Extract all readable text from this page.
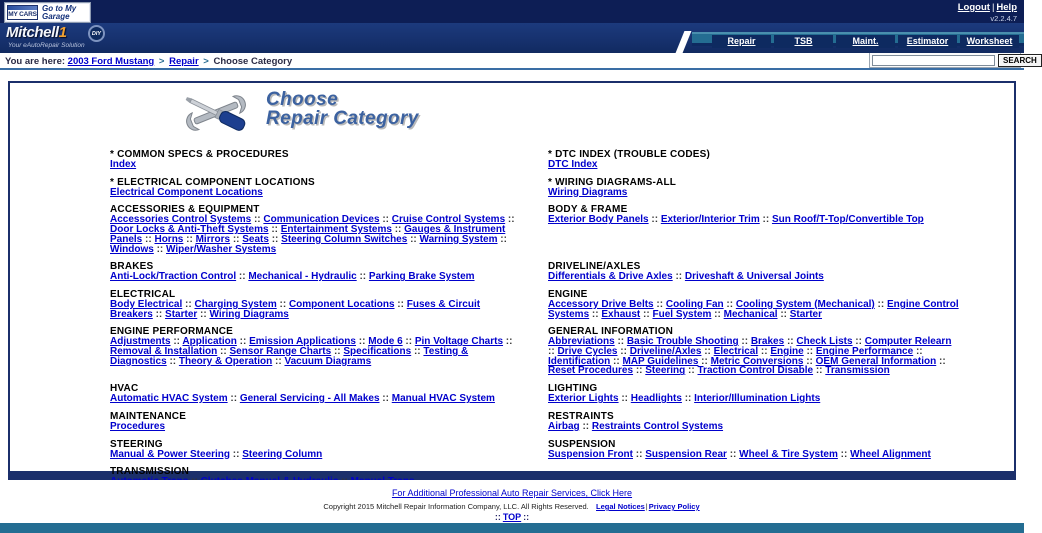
MY CARS
Go to My Garage
Logout | Help
v2.2.4.7
Mitchell1	DIY
Your eAutoRepair Solution	Repair	TSB	Maint.	Estimator	Worksheet
You are here: 2003 Ford Mustang > Repair > Choose Category	SEARCH
Choose
Repair Category
* COMMON SPECS & PROCEDURES
Index
* DTC INDEX (TROUBLE CODES)
DTC Index
* ELECTRICAL COMPONENT LOCATIONS
Electrical Component Locations
* WIRING DIAGRAMS-ALL
Wiring Diagrams
ACCESSORIES & EQUIPMENT
Accessories Control Systems :: Communication Devices :: Cruise Control Systems :: Door Locks & Anti-Theft Systems :: Entertainment Systems :: Gauges & Instrument Panels :: Horns :: Mirrors :: Seats :: Steering Column Switches :: Warning System :: Windows :: Wiper/Washer Systems
BODY & FRAME
Exterior Body Panels :: Exterior/Interior Trim :: Sun Roof/T-Top/Convertible Top
BRAKES
Anti-Lock/Traction Control :: Mechanical - Hydraulic :: Parking Brake System
DRIVELINE/AXLES
Differentials & Drive Axles :: Driveshaft & Universal Joints
ELECTRICAL
Body Electrical :: Charging System :: Component Locations :: Fuses & Circuit Breakers :: Starter :: Wiring Diagrams
ENGINE
Accessory Drive Belts :: Cooling Fan :: Cooling System (Mechanical) :: Engine Control Systems :: Exhaust :: Fuel System :: Mechanical :: Starter
ENGINE PERFORMANCE
Adjustments :: Application :: Emission Applications :: Mode 6 :: Pin Voltage Charts :: Removal & Installation :: Sensor Range Charts :: Specifications :: Testing & Diagnostics :: Theory & Operation :: Vacuum Diagrams
GENERAL INFORMATION
Abbreviations :: Basic Trouble Shooting :: Brakes :: Check Lists :: Computer Relearn :: Drive Cycles :: Driveline/Axles :: Electrical :: Engine :: Engine Performance :: Identification :: MAP Guidelines :: Metric Conversions :: OEM General Information :: Reset Procedures :: Steering :: Traction Control Disable :: Transmission
HVAC
Automatic HVAC System :: General Servicing - All Makes :: Manual HVAC System
LIGHTING
Exterior Lights :: Headlights :: Interior/Illumination Lights
MAINTENANCE
Procedures
RESTRAINTS
Airbag :: Restraints Control Systems
STEERING
Manual & Power Steering :: Steering Column
SUSPENSION
Suspension Front :: Suspension Rear :: Wheel & Tire System :: Wheel Alignment
TRANSMISSION
For Additional Professional Auto Repair Services, Click Here
Copyright 2015 Mitchell Repair Information Company, LLC. All Rights Reserved. Legal Notices|Privacy Policy
:: TOP ::
